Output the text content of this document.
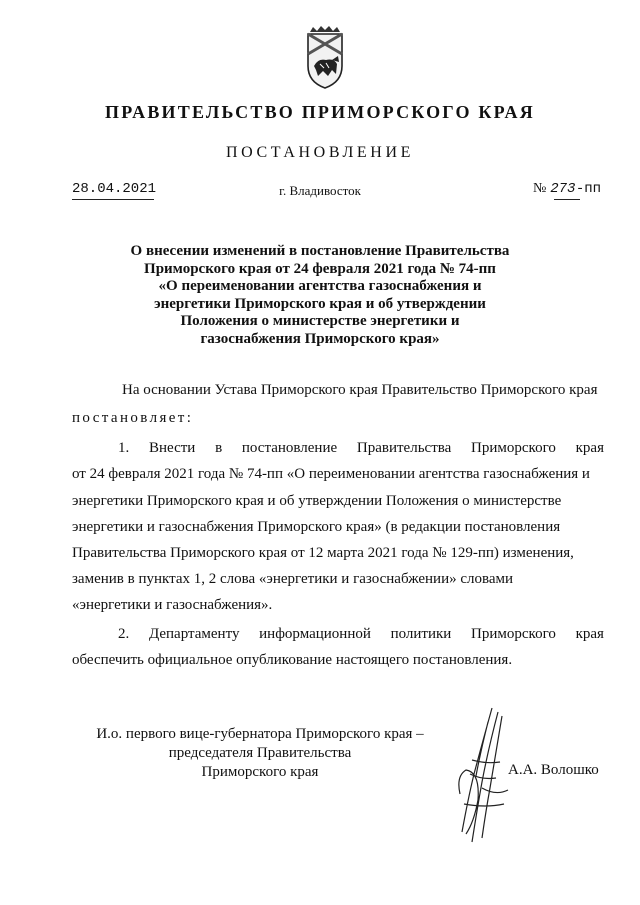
ПРАВИТЕЛЬСТВО ПРИМОРСКОГО КРАЯ
ПОСТАНОВЛЕНИЕ
28.04.2021	г. Владивосток	№ 273-пп
О внесении изменений в постановление Правительства
Приморского края от 24 февраля 2021 года № 74-пп
«О переименовании агентства газоснабжения и
энергетики Приморского края и об утверждении
Положения о министерстве энергетики и
газоснабжения Приморского края»
На основании Устава Приморского края Правительство Приморского края
постановляет:
1. Внести в постановление Правительства Приморского края
от 24 февраля 2021 года № 74-пп «О переименовании агентства газоснабжения и
энергетики Приморского края и об утверждении Положения о министерстве
энергетики и газоснабжения Приморского края» (в редакции постановления
Правительства Приморского края от 12 марта 2021 года № 129-пп) изменения,
заменив в пунктах 1, 2 слова «энергетики и газоснабжении» словами
«энергетики и газоснабжения».
2. Департаменту информационной политики Приморского края
обеспечить официальное опубликование настоящего постановления.
И.о. первого вице-губернатора Приморского края –
председателя Правительства
Приморского края	А.А. Волошко
